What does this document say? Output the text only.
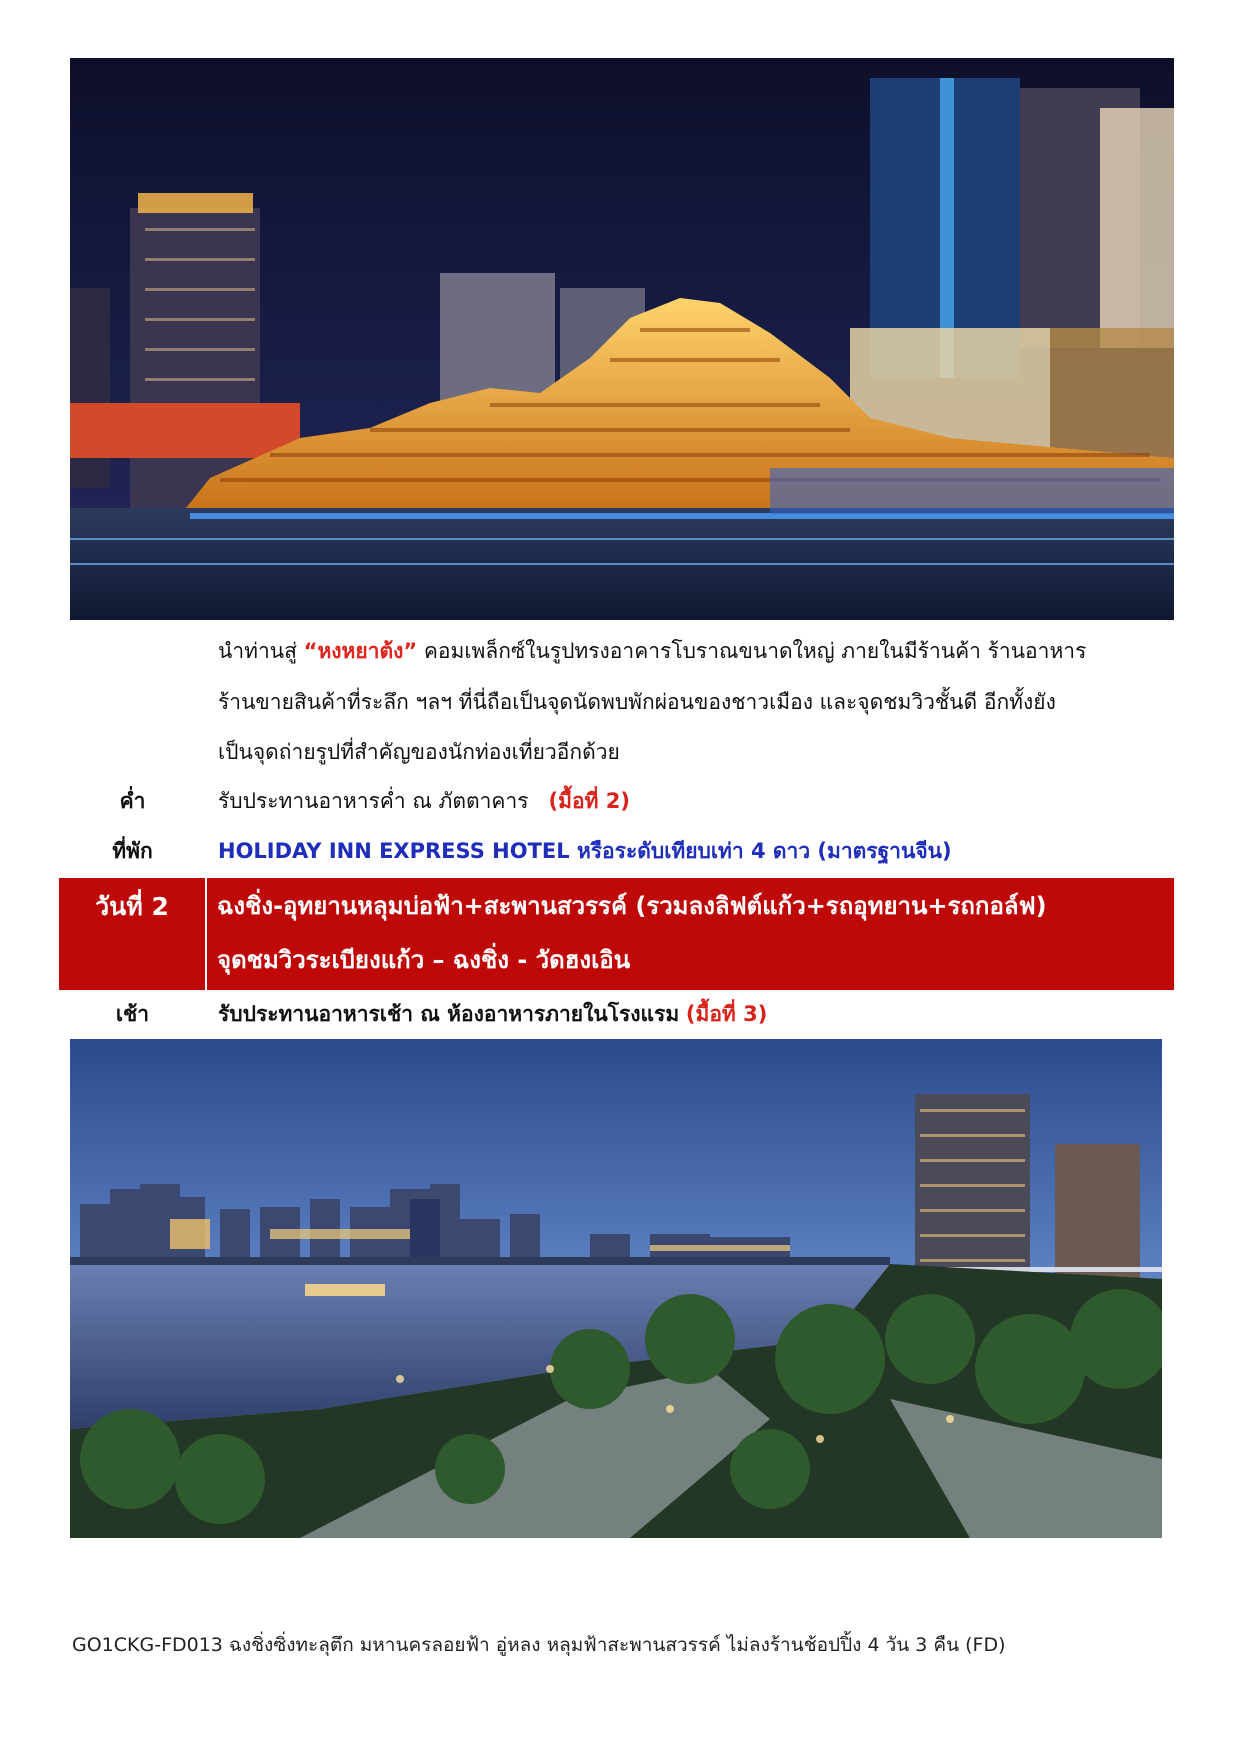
นำท่านสู่ “หงหยาต้ง” คอมเพล็กซ์ในรูปทรงอาคารโบราณขนาดใหญ่ ภายในมีร้านค้า ร้านอาหาร
ร้านขายสินค้าที่ระลึก ฯลฯ ที่นี่ถือเป็นจุดนัดพบพักผ่อนของชาวเมือง และจุดชมวิวชั้นดี อีกทั้งยัง
เป็นจุดถ่ายรูปที่สำคัญของนักท่องเที่ยวอีกด้วย
ค่ำ	รับประทานอาหารค่ำ ณ ภัตตาคาร (มื้อที่ 2)
ที่พัก	HOLIDAY INN EXPRESS HOTEL หรือระดับเทียบเท่า 4 ดาว (มาตรฐานจีน)
วันที่ 2	ฉงชิ่ง-อุทยานหลุมบ่อฟ้า+สะพานสวรรค์ (รวมลงลิฟต์แก้ว+รถอุทยาน+รถกอล์ฟ)
จุดชมวิวระเบียงแก้ว – ฉงชิ่ง - วัดฮงเอิน
เช้า	รับประทานอาหารเช้า ณ ห้องอาหารภายในโรงแรม (มื้อที่ 3)
GO1CKG-FD013 ฉงชิ่งซิ่งทะลุตึก มหานครลอยฟ้า อู่หลง หลุมฟ้าสะพานสวรรค์ ไม่ลงร้านช้อปปิ้ง 4 วัน 3 คืน (FD)
